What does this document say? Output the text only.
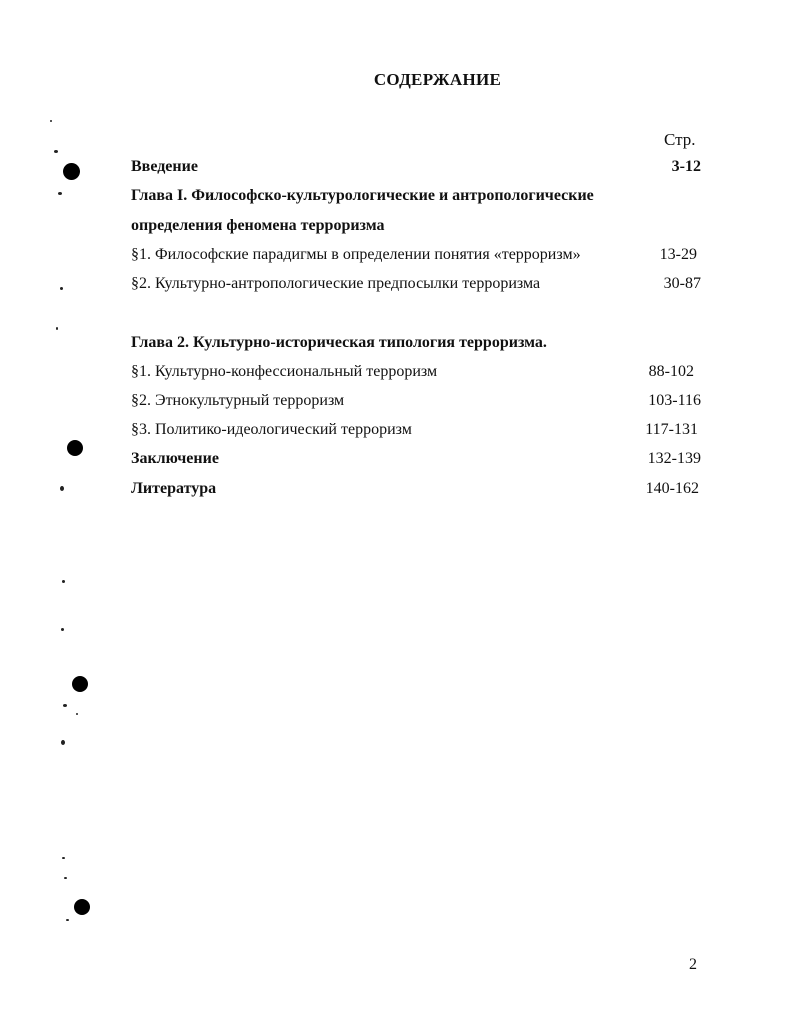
СОДЕРЖАНИЕ
Стр.
Введение	3-12
Глава I. Философско-культурологические и антропологические
определения феномена терроризма
§1. Философские парадигмы в определении понятия «терроризм»	13-29
§2. Культурно-антропологические предпосылки терроризма	30-87
Глава 2. Культурно-историческая типология терроризма.
§1. Культурно-конфессиональный терроризм	88-102
§2. Этнокультурный терроризм	103-116
§3. Политико-идеологический терроризм	117-131
Заключение	132-139
Литература	140-162
2
